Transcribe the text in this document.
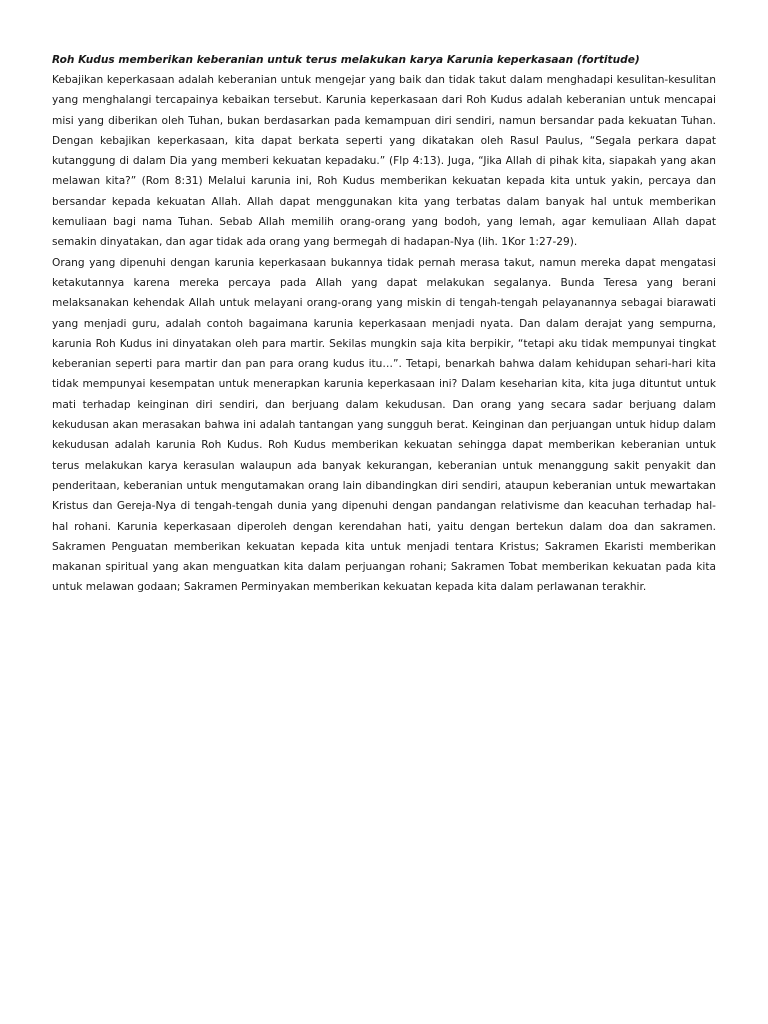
Roh Kudus memberikan keberanian untuk terus melakukan karya Karunia keperkasaan (fortitude)

Kebajikan keperkasaan adalah keberanian untuk mengejar yang baik dan tidak takut dalam menghadapi kesulitan-kesulitan yang menghalangi tercapainya kebaikan tersebut. Karunia keperkasaan dari Roh Kudus adalah keberanian untuk mencapai misi yang diberikan oleh Tuhan, bukan berdasarkan pada kemampuan diri sendiri, namun bersandar pada kekuatan Tuhan. Dengan kebajikan keperkasaan, kita dapat berkata seperti yang dikatakan oleh Rasul Paulus, “Segala perkara dapat kutanggung di dalam Dia yang memberi kekuatan kepadaku.” (Flp 4:13). Juga, “Jika Allah di pihak kita, siapakah yang akan melawan kita?” (Rom 8:31) Melalui karunia ini, Roh Kudus memberikan kekuatan kepada kita untuk yakin, percaya dan bersandar kepada kekuatan Allah. Allah dapat menggunakan kita yang terbatas dalam banyak hal untuk memberikan kemuliaan bagi nama Tuhan. Sebab Allah memilih orang-orang yang bodoh, yang lemah, agar kemuliaan Allah dapat semakin dinyatakan, dan agar tidak ada orang yang bermegah di hadapan-Nya (lih. 1Kor 1:27-29).

Orang yang dipenuhi dengan karunia keperkasaan bukannya tidak pernah merasa takut, namun mereka dapat mengatasi ketakutannya karena mereka percaya pada Allah yang dapat melakukan segalanya. Bunda Teresa yang berani melaksanakan kehendak Allah untuk melayani orang-orang yang miskin di tengah-tengah pelayanannya sebagai biarawati yang menjadi guru, adalah contoh bagaimana karunia keperkasaan menjadi nyata. Dan dalam derajat yang sempurna, karunia Roh Kudus ini dinyatakan oleh para martir. Sekilas mungkin saja kita berpikir, “tetapi aku tidak mempunyai tingkat keberanian seperti para martir dan pan para orang kudus itu…”. Tetapi, benarkah bahwa dalam kehidupan sehari-hari kita tidak mempunyai kesempatan untuk menerapkan karunia keperkasaan ini? Dalam keseharian kita, kita juga dituntut untuk mati terhadap keinginan diri sendiri, dan berjuang dalam kekudusan. Dan orang yang secara sadar berjuang dalam kekudusan akan merasakan bahwa ini adalah tantangan yang sungguh berat. Keinginan dan perjuangan untuk hidup dalam kekudusan adalah karunia Roh Kudus. Roh Kudus memberikan kekuatan sehingga dapat memberikan keberanian untuk terus melakukan karya kerasulan walaupun ada banyak kekurangan, keberanian untuk menanggung sakit penyakit dan penderitaan, keberanian untuk mengutamakan orang lain dibandingkan diri sendiri, ataupun keberanian untuk mewartakan Kristus dan Gereja-Nya di tengah-tengah dunia yang dipenuhi dengan pandangan relativisme dan keacuhan terhadap hal-hal rohani. Karunia keperkasaan diperoleh dengan kerendahan hati, yaitu dengan bertekun dalam doa dan sakramen. Sakramen Penguatan memberikan kekuatan kepada kita untuk menjadi tentara Kristus; Sakramen Ekaristi memberikan makanan spiritual yang akan menguatkan kita dalam perjuangan rohani; Sakramen Tobat memberikan kekuatan pada kita untuk melawan godaan; Sakramen Perminyakan memberikan kekuatan kepada kita dalam perlawanan terakhir.
